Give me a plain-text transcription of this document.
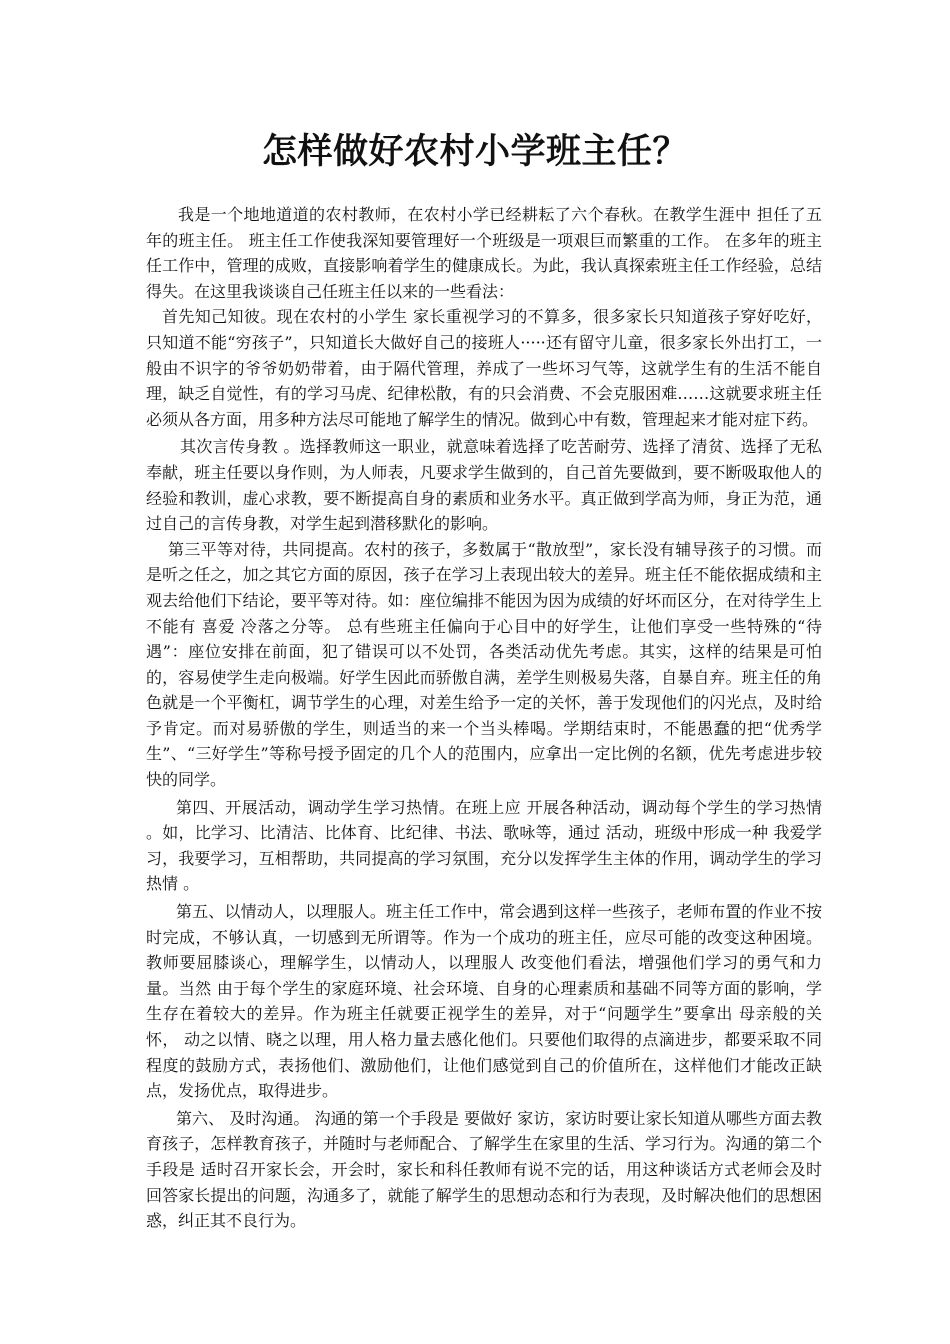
怎样做好农村小学班主任？

我是一个地地道道的农村教师，在农村小学已经耕耘了六个春秋。在教学生涯中 担任了五年的班主任。 班主任工作使我深知要管理好一个班级是一项艰巨而繁重的工作。 在多年的班主任工作中，管理的成败，直接影响着学生的健康成长。为此，我认真探索班主任工作经验，总结得失。在这里我谈谈自己任班主任以来的一些看法：

首先知己知彼。现在农村的小学生 家长重视学习的不算多，很多家长只知道孩子穿好吃好，只知道不能“穷孩子”，只知道长大做好自己的接班人·····还有留守儿童，很多家长外出打工，一般由不识字的爷爷奶奶带着，由于隔代管理，养成了一些坏习气等，这就学生有的生活不能自理，缺乏自觉性，有的学习马虎、纪律松散，有的只会消费、不会克服困难……这就要求班主任必须从各方面，用多种方法尽可能地了解学生的情况。做到心中有数，管理起来才能对症下药。

其次言传身教 。选择教师这一职业，就意味着选择了吃苦耐劳、选择了清贫、选择了无私奉献，班主任要以身作则，为人师表，凡要求学生做到的，自己首先要做到，要不断吸取他人的经验和教训，虚心求教，要不断提高自身的素质和业务水平。真正做到学高为师，身正为范，通过自己的言传身教，对学生起到潜移默化的影响。

第三平等对待，共同提高。农村的孩子，多数属于“散放型”，家长没有辅导孩子的习惯。而是听之任之，加之其它方面的原因，孩子在学习上表现出较大的差异。班主任不能依据成绩和主观去给他们下结论，要平等对待。如：座位编排不能因为因为成绩的好坏而区分，在对待学生上不能有 喜爱 冷落之分等。 总有些班主任偏向于心目中的好学生，让他们享受一些特殊的“待遇”：座位安排在前面，犯了错误可以不处罚，各类活动优先考虑。其实，这样的结果是可怕的，容易使学生走向极端。好学生因此而骄傲自满，差学生则极易失落，自暴自弃。班主任的角色就是一个平衡杠，调节学生的心理，对差生给予一定的关怀，善于发现他们的闪光点，及时给予肯定。而对易骄傲的学生，则适当的来一个当头棒喝。学期结束时，不能愚蠢的把“优秀学生”、“三好学生”等称号授予固定的几个人的范围内，应拿出一定比例的名额，优先考虑进步较快的同学。

第四、开展活动，调动学生学习热情。在班上应 开展各种活动，调动每个学生的学习热情 。如，比学习、比清洁、比体育、比纪律、书法、歌咏等，通过 活动，班级中形成一种 我爱学习，我要学习，互相帮助，共同提高的学习氛围，充分以发挥学生主体的作用，调动学生的学习热情 。

第五、以情动人，以理服人。班主任工作中，常会遇到这样一些孩子，老师布置的作业不按时完成，不够认真，一切感到无所谓等。作为一个成功的班主任，应尽可能的改变这种困境。 教师要屈膝谈心，理解学生，以情动人，以理服人 改变他们看法，增强他们学习的勇气和力量。当然 由于每个学生的家庭环境、社会环境、自身的心理素质和基础不同等方面的影响，学生存在着较大的差异。作为班主任就要正视学生的差异，对于“问题学生”要拿出 母亲般的关怀， 动之以情、晓之以理，用人格力量去感化他们。只要他们取得的点滴进步，都要采取不同程度的鼓励方式，表扬他们、激励他们，让他们感觉到自己的价值所在，这样他们才能改正缺点，发扬优点，取得进步。

第六、 及时沟通。 沟通的第一个手段是 要做好 家访，家访时要让家长知道从哪些方面去教育孩子，怎样教育孩子，并随时与老师配合、了解学生在家里的生活、学习行为。沟通的第二个手段是 适时召开家长会，开会时，家长和科任教师有说不完的话，用这种谈话方式老师会及时回答家长提出的问题，沟通多了，就能了解学生的思想动态和行为表现，及时解决他们的思想困惑，纠正其不良行为。
